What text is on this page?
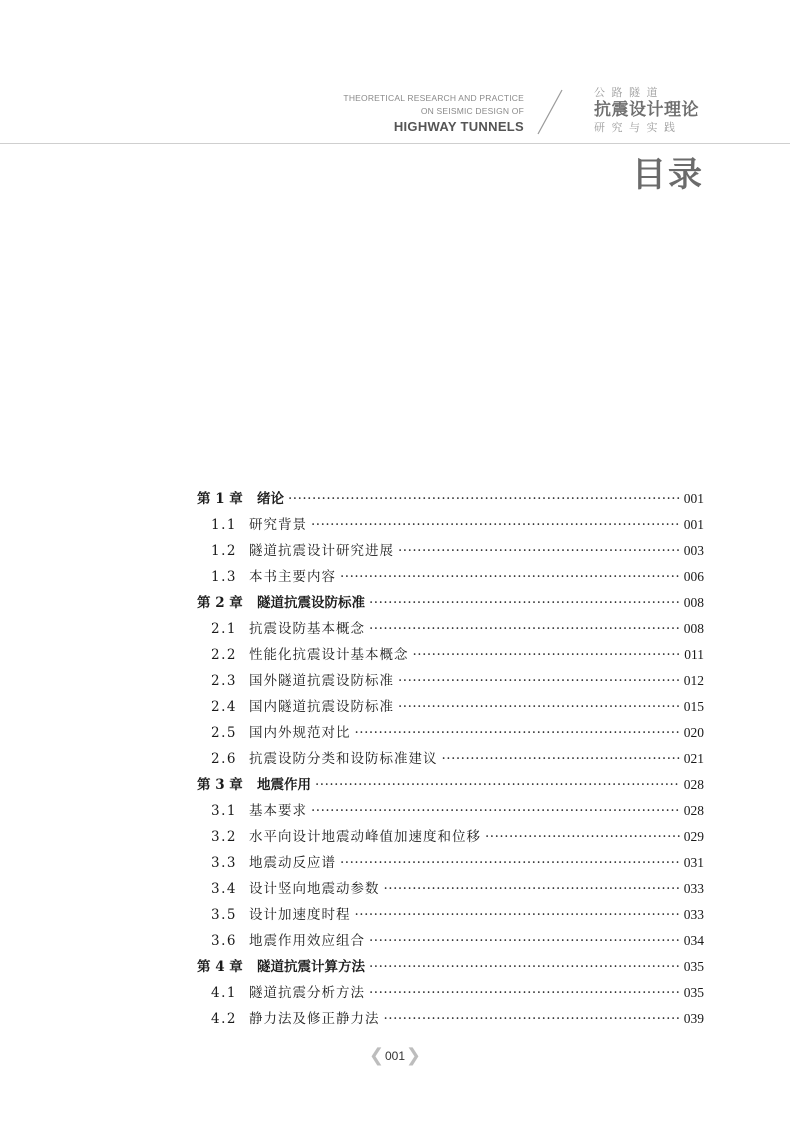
THEORETICAL RESEARCH AND PRACTICE
ON SEISMIC DESIGN OF
HIGHWAY TUNNELS
公路隧道
抗震设计理论
研究与实践
目录
第 1 章	绪论 ·····	001
1.1 研究背景 ·····	001
1.2 隧道抗震设计研究进展 ·····	003
1.3 本书主要内容 ·····	006
第 2 章	隧道抗震设防标准 ·····	008
2.1 抗震设防基本概念 ·····	008
2.2 性能化抗震设计基本概念 ·····	011
2.3 国外隧道抗震设防标准 ·····	012
2.4 国内隧道抗震设防标准 ·····	015
2.5 国内外规范对比 ·····	020
2.6 抗震设防分类和设防标准建议 ·····	021
第 3 章	地震作用 ·····	028
3.1 基本要求 ·····	028
3.2 水平向设计地震动峰值加速度和位移 ·····	029
3.3 地震动反应谱 ·····	031
3.4 设计竖向地震动参数 ·····	033
3.5 设计加速度时程 ·····	033
3.6 地震作用效应组合 ·····	034
第 4 章	隧道抗震计算方法 ·····	035
4.1 隧道抗震分析方法 ·····	035
4.2 静力法及修正静力法 ·····	039
❮ 001 ❯
